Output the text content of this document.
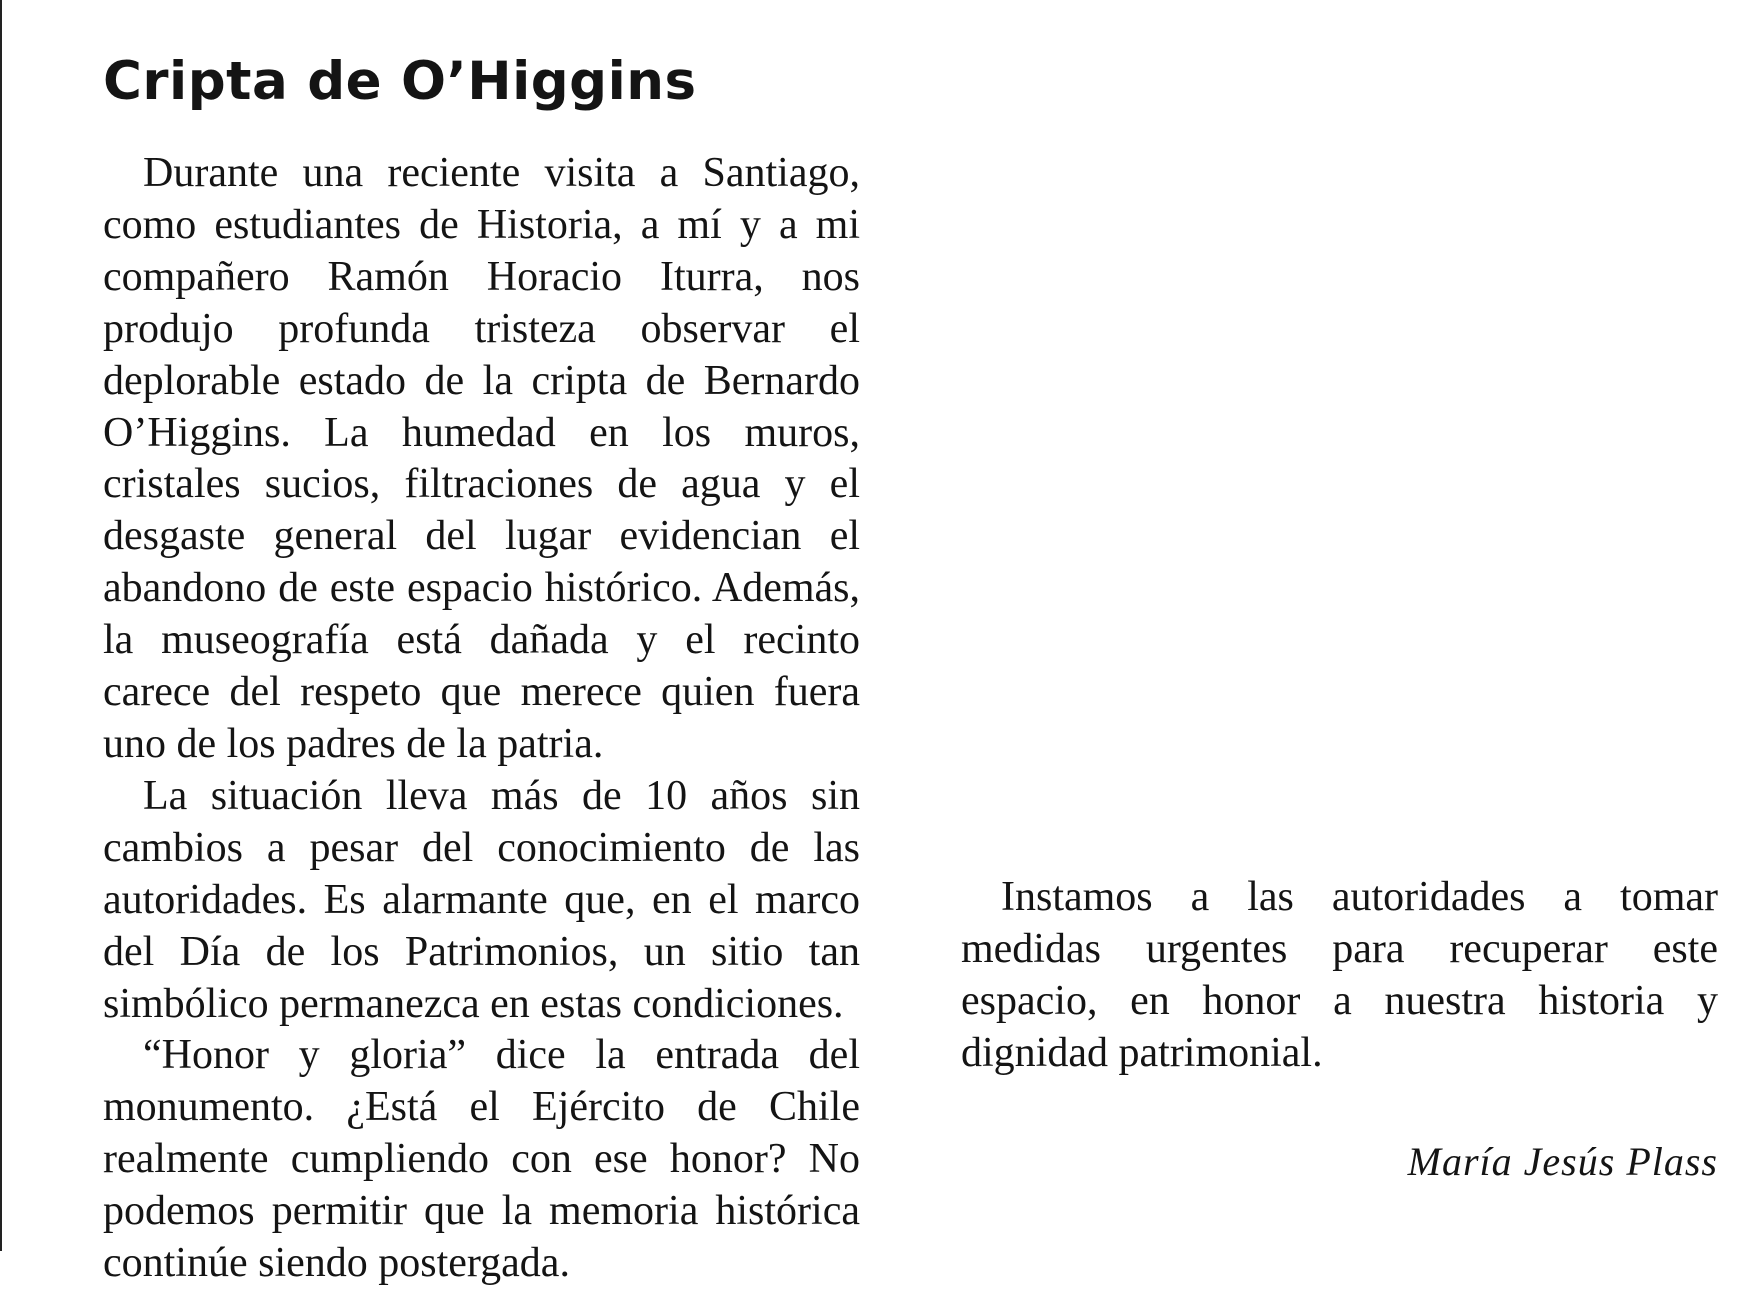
Cripta de O’Higgins

Durante una reciente visita a Santiago, como estudiantes de Historia, a mí y a mi compañero Ramón Horacio Iturra, nos produjo profunda tristeza observar el deplorable estado de la cripta de Bernardo O’Higgins. La humedad en los muros, cristales sucios, filtraciones de agua y el desgaste general del lugar evidencian el abandono de este espacio histórico. Además, la museografía está dañada y el recinto carece del respeto que merece quien fuera uno de los padres de la patria.

La situación lleva más de 10 años sin cambios a pesar del conocimiento de las autoridades. Es alarmante que, en el marco del Día de los Patrimonios, un sitio tan simbólico permanezca en estas condiciones.

“Honor y gloria” dice la entrada del monumento. ¿Está el Ejército de Chile realmente cumpliendo con ese honor? No podemos permitir que la memoria histórica continúe siendo postergada.

Instamos a las autoridades a tomar medidas urgentes para recuperar este espacio, en honor a nuestra historia y dignidad patrimonial.

María Jesús Plass
